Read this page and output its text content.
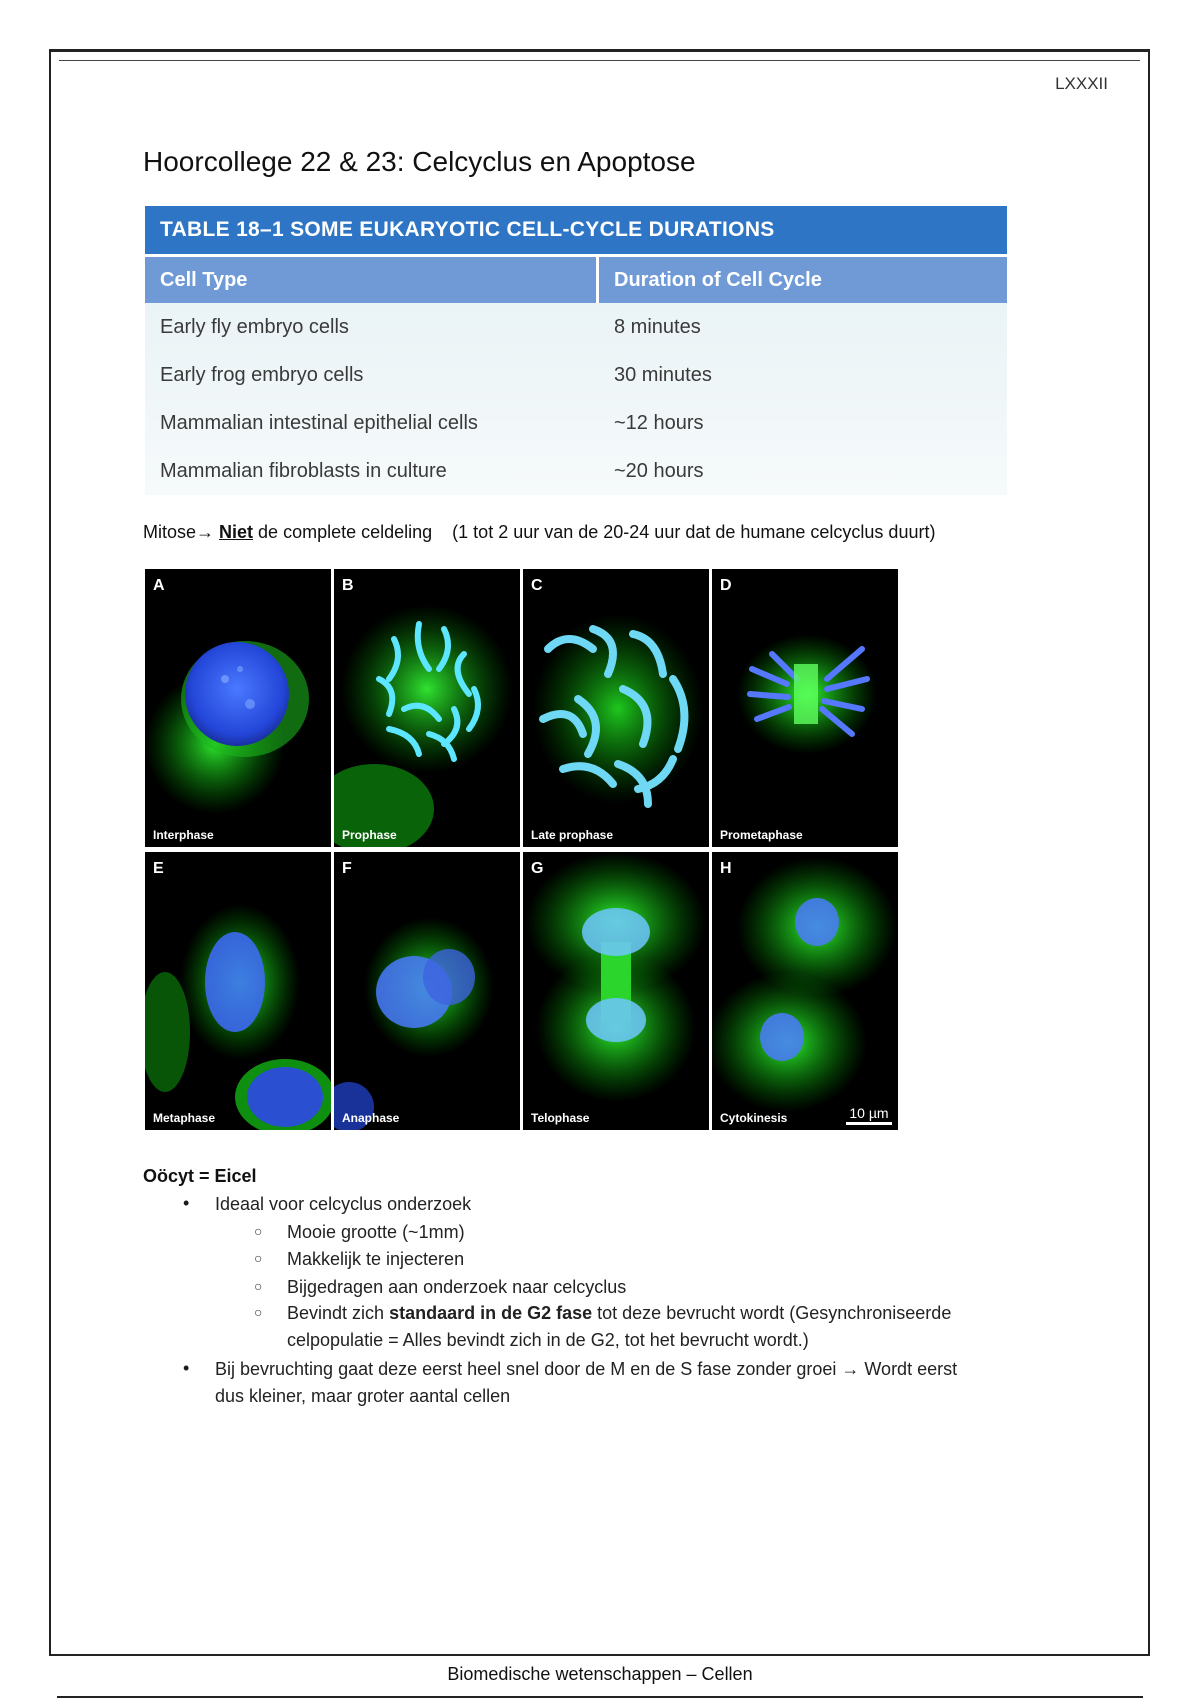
LXXXII
Hoorcollege 22 & 23: Celcyclus en Apoptose
TABLE 18–1 SOME EUKARYOTIC CELL-CYCLE DURATIONS
Cell Type	Duration of Cell Cycle
Early fly embryo cells	8 minutes
Early frog embryo cells	30 minutes
Mammalian intestinal epithelial cells	~12 hours
Mammalian fibroblasts in culture	~20 hours
Mitose→ Niet de complete celdeling (1 tot 2 uur van de 20-24 uur dat de humane celcyclus duurt)
A
Interphase
B
Prophase
C
Late prophase
D
Prometaphase
E
Metaphase
F
Anaphase
G
Telophase
H
Cytokinesis	10 µm
Oöcyt = Eicel
• Ideaal voor celcyclus onderzoek
○ Mooie grootte (~1mm)
○ Makkelijk te injecteren
○ Bijgedragen aan onderzoek naar celcyclus
○ Bevindt zich standaard in de G2 fase tot deze bevrucht wordt (Gesynchroniseerde
celpopulatie = Alles bevindt zich in de G2, tot het bevrucht wordt.)
• Bij bevruchting gaat deze eerst heel snel door de M en de S fase zonder groei → Wordt eerst
dus kleiner, maar groter aantal cellen
Biomedische wetenschappen – Cellen
